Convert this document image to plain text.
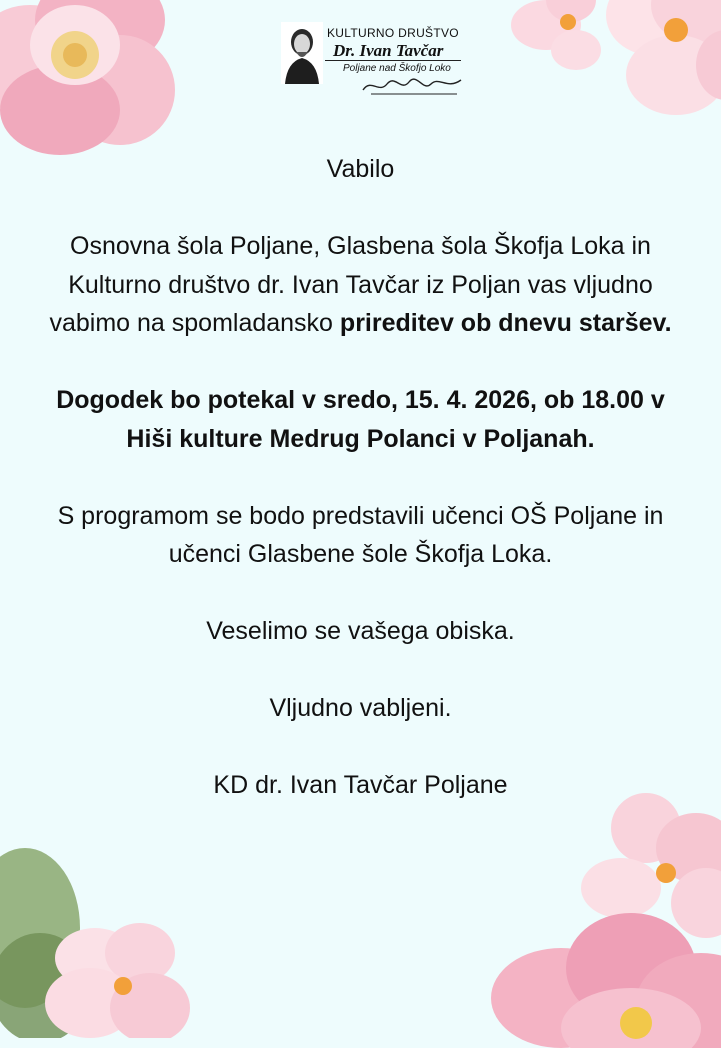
KULTURNO DRUŠTVO
Dr. Ivan Tavčar
Poljane nad Škofjo Loko

Vabilo

Osnovna šola Poljane, Glasbena šola Škofja Loka in Kulturno društvo dr. Ivan Tavčar iz Poljan vas vljudno vabimo na spomladansko prireditev ob dnevu staršev.

Dogodek bo potekal v sredo, 15. 4. 2026, ob 18.00 v Hiši kulture Medrug Polanci v Poljanah.

S programom se bodo predstavili učenci OŠ Poljane in učenci Glasbene šole Škofja Loka.

Veselimo se vašega obiska.

Vljudno vabljeni.

KD dr. Ivan Tavčar Poljane
